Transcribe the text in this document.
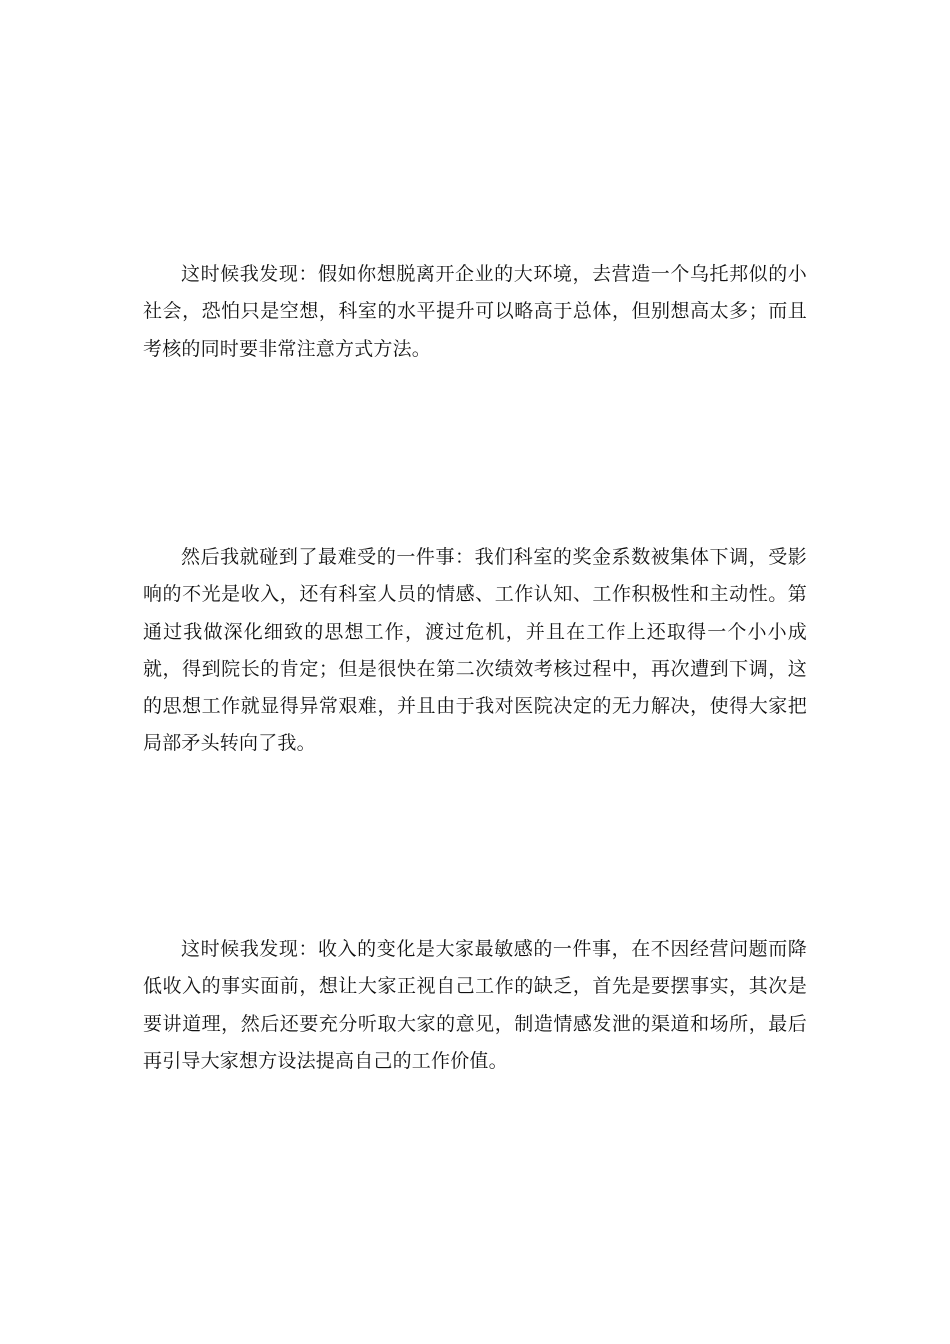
这时候我发现：假如你想脱离开企业的大环境，去营造一个乌托邦似的小社会，恐怕只是空想，科室的水平提升可以略高于总体，但别想高太多；而且考核的同时要非常注意方式方法。

然后我就碰到了最难受的一件事：我们科室的奖金系数被集体下调，受影响的不光是收入，还有科室人员的情感、工作认知、工作积极性和主动性。第通过我做深化细致的思想工作，渡过危机，并且在工作上还取得一个小小成就，得到院长的肯定；但是很快在第二次绩效考核过程中，再次遭到下调，这的思想工作就显得异常艰难，并且由于我对医院决定的无力解决，使得大家把局部矛头转向了我。

这时候我发现：收入的变化是大家最敏感的一件事，在不因经营问题而降低收入的事实面前，想让大家正视自己工作的缺乏，首先是要摆事实，其次是要讲道理，然后还要充分听取大家的意见，制造情感发泄的渠道和场所，最后再引导大家想方设法提高自己的工作价值。
